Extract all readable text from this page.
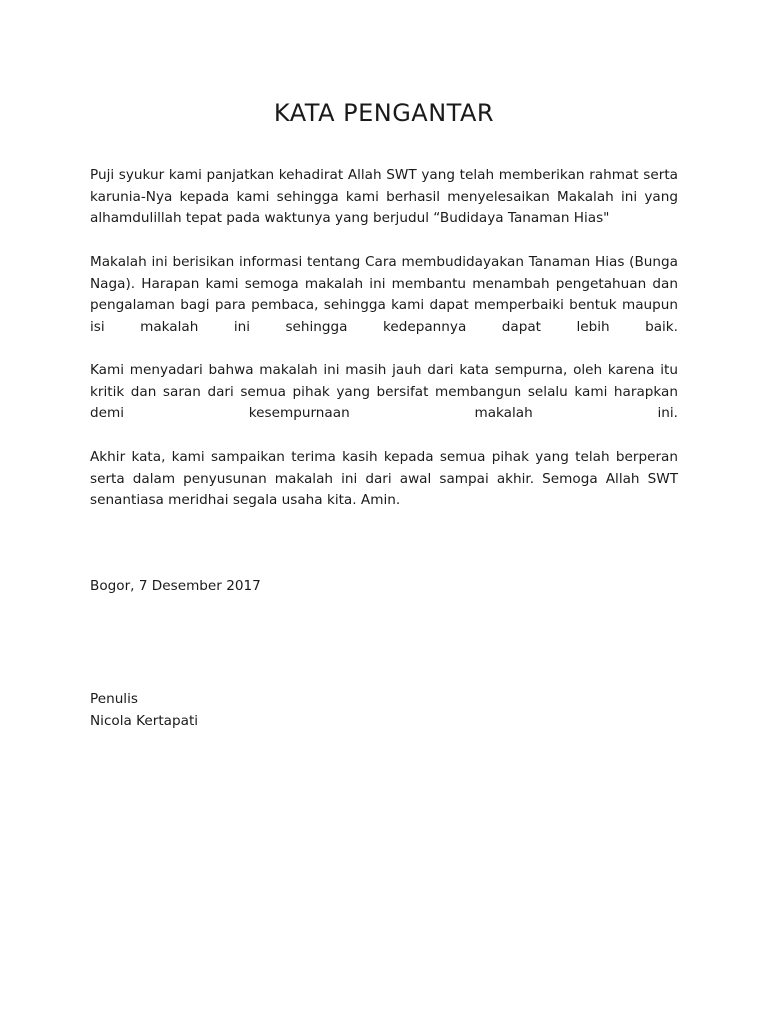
KATA PENGANTAR

Puji syukur kami panjatkan kehadirat Allah SWT yang telah memberikan rahmat serta karunia-Nya kepada kami sehingga kami berhasil menyelesaikan Makalah ini yang alhamdulillah tepat pada waktunya yang berjudul “Budidaya Tanaman Hias"

Makalah ini berisikan informasi tentang Cara membudidayakan Tanaman Hias (Bunga Naga). Harapan kami semoga makalah ini membantu menambah pengetahuan dan pengalaman bagi para pembaca, sehingga kami dapat memperbaiki bentuk maupun isi makalah ini sehingga kedepannya dapat lebih baik.

Kami menyadari bahwa makalah ini masih jauh dari kata sempurna, oleh karena itu kritik dan saran dari semua pihak yang bersifat membangun selalu kami harapkan demi kesempurnaan makalah ini.

Akhir kata, kami sampaikan terima kasih kepada semua pihak yang telah berperan serta dalam penyusunan makalah ini dari awal sampai akhir. Semoga Allah SWT senantiasa meridhai segala usaha kita. Amin.

Bogor, 7 Desember 2017

Penulis

Nicola Kertapati
